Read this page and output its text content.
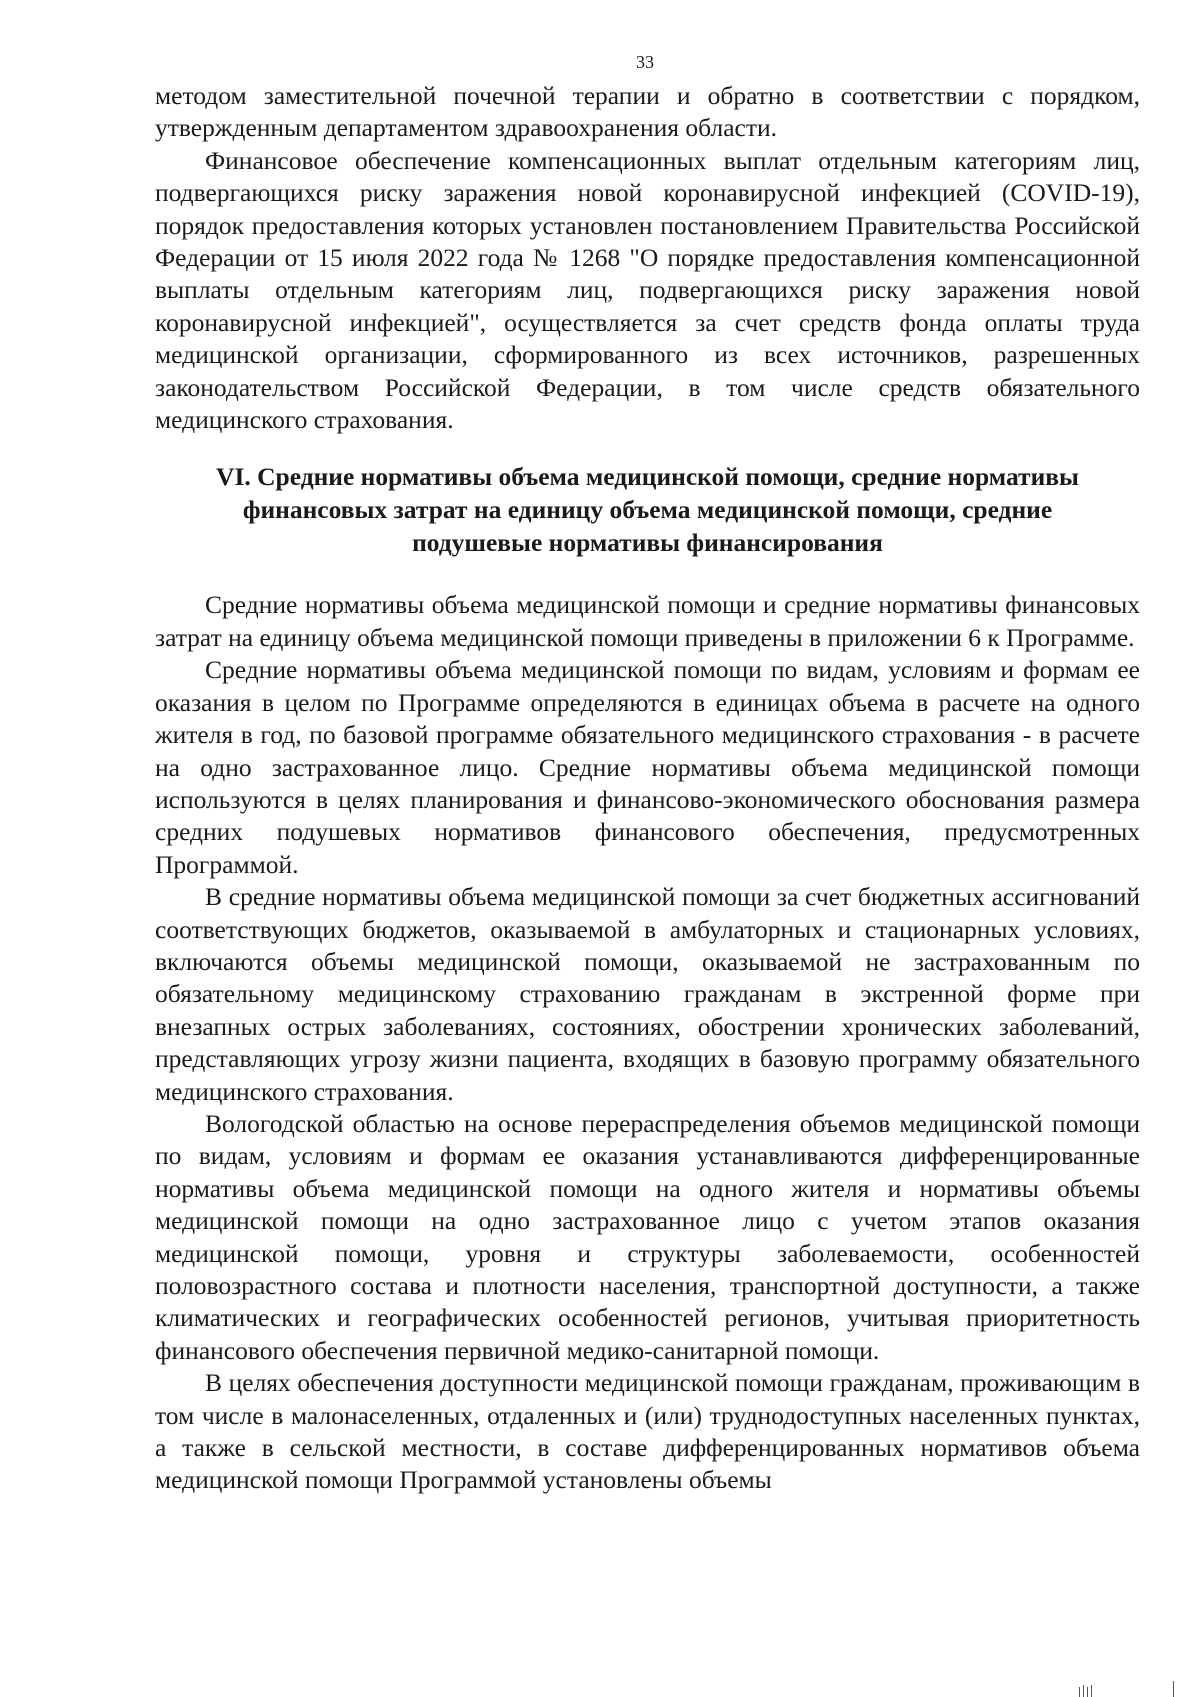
33

методом заместительной почечной терапии и обратно в соответствии с порядком, утвержденным департаментом здравоохранения области.

Финансовое обеспечение компенсационных выплат отдельным категориям лиц, подвергающихся риску заражения новой коронавирусной инфекцией (COVID-19), порядок предоставления которых установлен постановлением Правительства Российской Федерации от 15 июля 2022 года № 1268 "О порядке предоставления компенсационной выплаты отдельным категориям лиц, подвергающихся риску заражения новой коронавирусной инфекцией", осуществляется за счет средств фонда оплаты труда медицинской организации, сформированного из всех источников, разрешенных законодательством Российской Федерации, в том числе средств обязательного медицинского страхования.

VI. Средние нормативы объема медицинской помощи, средние нормативы финансовых затрат на единицу объема медицинской помощи, средние подушевые нормативы финансирования

Средние нормативы объема медицинской помощи и средние нормативы финансовых затрат на единицу объема медицинской помощи приведены в приложении 6 к Программе.

Средние нормативы объема медицинской помощи по видам, условиям и формам ее оказания в целом по Программе определяются в единицах объема в расчете на одного жителя в год, по базовой программе обязательного медицинского страхования - в расчете на одно застрахованное лицо. Средние нормативы объема медицинской помощи используются в целях планирования и финансово-экономического обоснования размера средних подушевых нормативов финансового обеспечения, предусмотренных Программой.

В средние нормативы объема медицинской помощи за счет бюджетных ассигнований соответствующих бюджетов, оказываемой в амбулаторных и стационарных условиях, включаются объемы медицинской помощи, оказываемой не застрахованным по обязательному медицинскому страхованию гражданам в экстренной форме при внезапных острых заболеваниях, состояниях, обострении хронических заболеваний, представляющих угрозу жизни пациента, входящих в базовую программу обязательного медицинского страхования.

Вологодской областью на основе перераспределения объемов медицинской помощи по видам, условиям и формам ее оказания устанавливаются дифференцированные нормативы объема медицинской помощи на одного жителя и нормативы объемы медицинской помощи на одно застрахованное лицо с учетом этапов оказания медицинской помощи, уровня и структуры заболеваемости, особенностей половозрастного состава и плотности населения, транспортной доступности, а также климатических и географических особенностей регионов, учитывая приоритетность финансового обеспечения первичной медико-санитарной помощи.

В целях обеспечения доступности медицинской помощи гражданам, проживающим в том числе в малонаселенных, отдаленных и (или) труднодоступных населенных пунктах, а также в сельской местности, в составе дифференцированных нормативов объема медицинской помощи Программой установлены объемы
